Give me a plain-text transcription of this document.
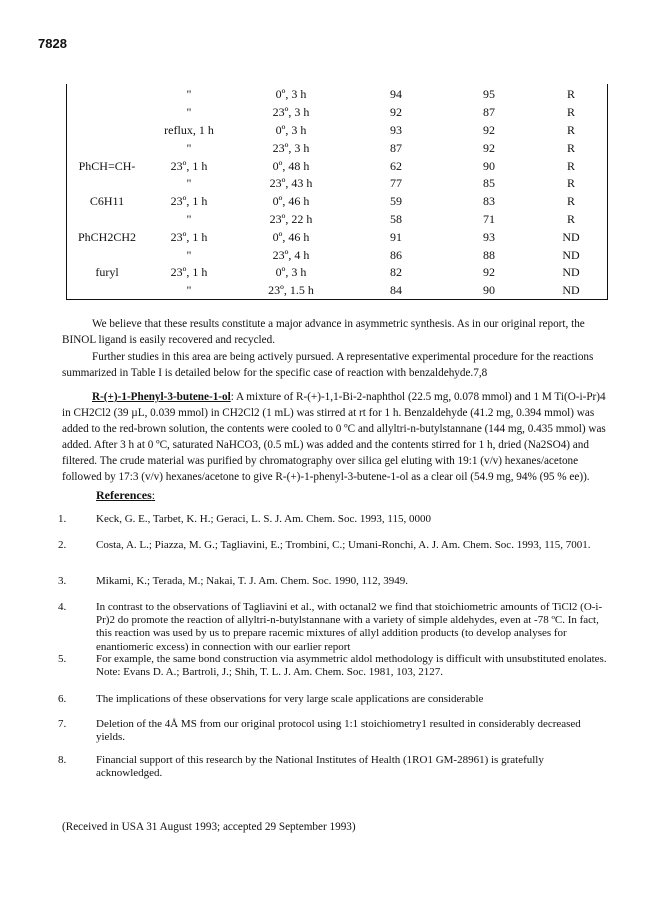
7828
	"	0º, 3 h	94	95	R
	"	23º, 3 h	92	87	R
	reflux, 1 h	0º, 3 h	93	92	R
	"	23º, 3 h	87	92	R
PhCH=CH-	23º, 1 h	0º, 48 h	62	90	R
	"	23º, 43 h	77	85	R
C6H11	23º, 1 h	0º, 46 h	59	83	R
	"	23º, 22 h	58	71	R
PhCH2CH2	23º, 1 h	0º, 46 h	91	93	ND
	"	23º, 4 h	86	88	ND
furyl	23º, 1 h	0º, 3 h	82	92	ND
	"	23º, 1.5 h	84	90	ND
We believe that these results constitute a major advance in asymmetric synthesis. As in our original report, the BINOL ligand is easily recovered and recycled.
Further studies in this area are being actively pursued. A representative experimental procedure for the reactions summarized in Table I is detailed below for the specific case of reaction with benzaldehyde.7,8
R-(+)-1-Phenyl-3-butene-1-ol: A mixture of R-(+)-1,1-Bi-2-naphthol (22.5 mg, 0.078 mmol) and 1 M Ti(O-i-Pr)4 in CH2Cl2 (39 µL, 0.039 mmol) in CH2Cl2 (1 mL) was stirred at rt for 1 h. Benzaldehyde (41.2 mg, 0.394 mmol) was added to the red-brown solution, the contents were cooled to 0 ºC and allyltri-n-butylstannane (144 mg, 0.435 mmol) was added. After 3 h at 0 ºC, saturated NaHCO3, (0.5 mL) was added and the contents stirred for 1 h, dried (Na2SO4) and filtered. The crude material was purified by chromatography over silica gel eluting with 19:1 (v/v) hexanes/acetone followed by 17:3 (v/v) hexanes/acetone to give R-(+)-1-phenyl-3-butene-1-ol as a clear oil (54.9 mg, 94% (95 % ee)).
References:
1.	Keck, G. E., Tarbet, K. H.; Geraci, L. S. J. Am. Chem. Soc. 1993, 115, 0000
2.	Costa, A. L.; Piazza, M. G.; Tagliavini, E.; Trombini, C.; Umani-Ronchi, A. J. Am. Chem. Soc. 1993, 115, 7001.
3.	Mikami, K.; Terada, M.; Nakai, T. J. Am. Chem. Soc. 1990, 112, 3949.
4.	In contrast to the observations of Tagliavini et al., with octanal2 we find that stoichiometric amounts of TiCl2 (O-i-Pr)2 do promote the reaction of allyltri-n-butylstannane with a variety of simple aldehydes, even at -78 ºC. In fact, this reaction was used by us to prepare racemic mixtures of allyl addition products (to develop analyses for enantiomeric excess) in connection with our earlier report
5.	For example, the same bond construction via asymmetric aldol methodology is difficult with unsubstituted enolates. Note: Evans D. A.; Bartroli, J.; Shih, T. L. J. Am. Chem. Soc. 1981, 103, 2127.
6.	The implications of these observations for very large scale applications are considerable
7.	Deletion of the 4Å MS from our original protocol using 1:1 stoichiometry1 resulted in considerably decreased yields.
8.	Financial support of this research by the National Institutes of Health (1RO1 GM-28961) is gratefully acknowledged.
(Received in USA 31 August 1993; accepted 29 September 1993)
